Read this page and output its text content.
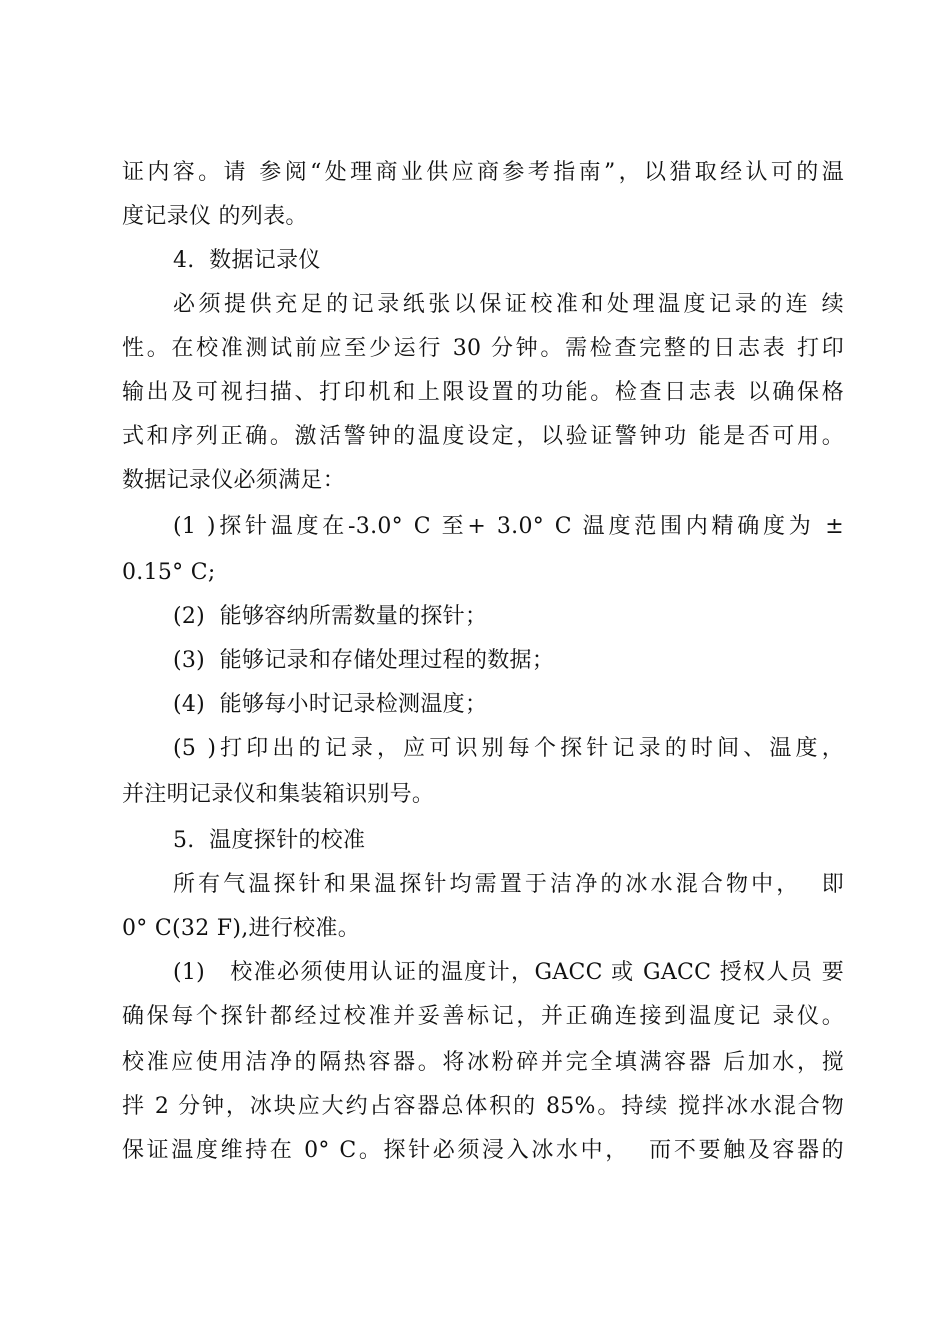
证内容。请 参阅“处理商业供应商参考指南”，以猎取经认可的温
度记录仪 的列表。
4.  数据记录仪
必须提供充足的记录纸张以保证校准和处理温度记录的连 续
性。在校准测试前应至少运行 30 分钟。需检查完整的日志表 打印
输出及可视扫描、打印机和上限设置的功能。检查日志表 以确保格
式和序列正确。激活警钟的温度设定，以验证警钟功 能是否可用。
数据记录仪必须满足：
(1 )探针温度在-3.0° C 至+ 3.0° C 温度范围内精确度为 ±
0.15° C;
(2)  能够容纳所需数量的探针；
(3)  能够记录和存储处理过程的数据；
(4)  能够每小时记录检测温度；
(5 )打印出的记录，应可识别每个探针记录的时间、温度，
并注明记录仪和集装箱识别号。
5.  温度探针的校准
所有气温探针和果温探针均需置于洁净的冰水混合物中，  即
0° C(32 F),进行校准。
(1)   校准必须使用认证的温度计，GACC 或 GACC 授权人员 要
确保每个探针都经过校准并妥善标记，并正确连接到温度记 录仪。
校准应使用洁净的隔热容器。将冰粉碎并完全填满容器 后加水，搅
拌 2 分钟，冰块应大约占容器总体积的 85%。持续 搅拌冰水混合物
保证温度维持在 0° C。探针必须浸入冰水中，  而不要触及容器的
